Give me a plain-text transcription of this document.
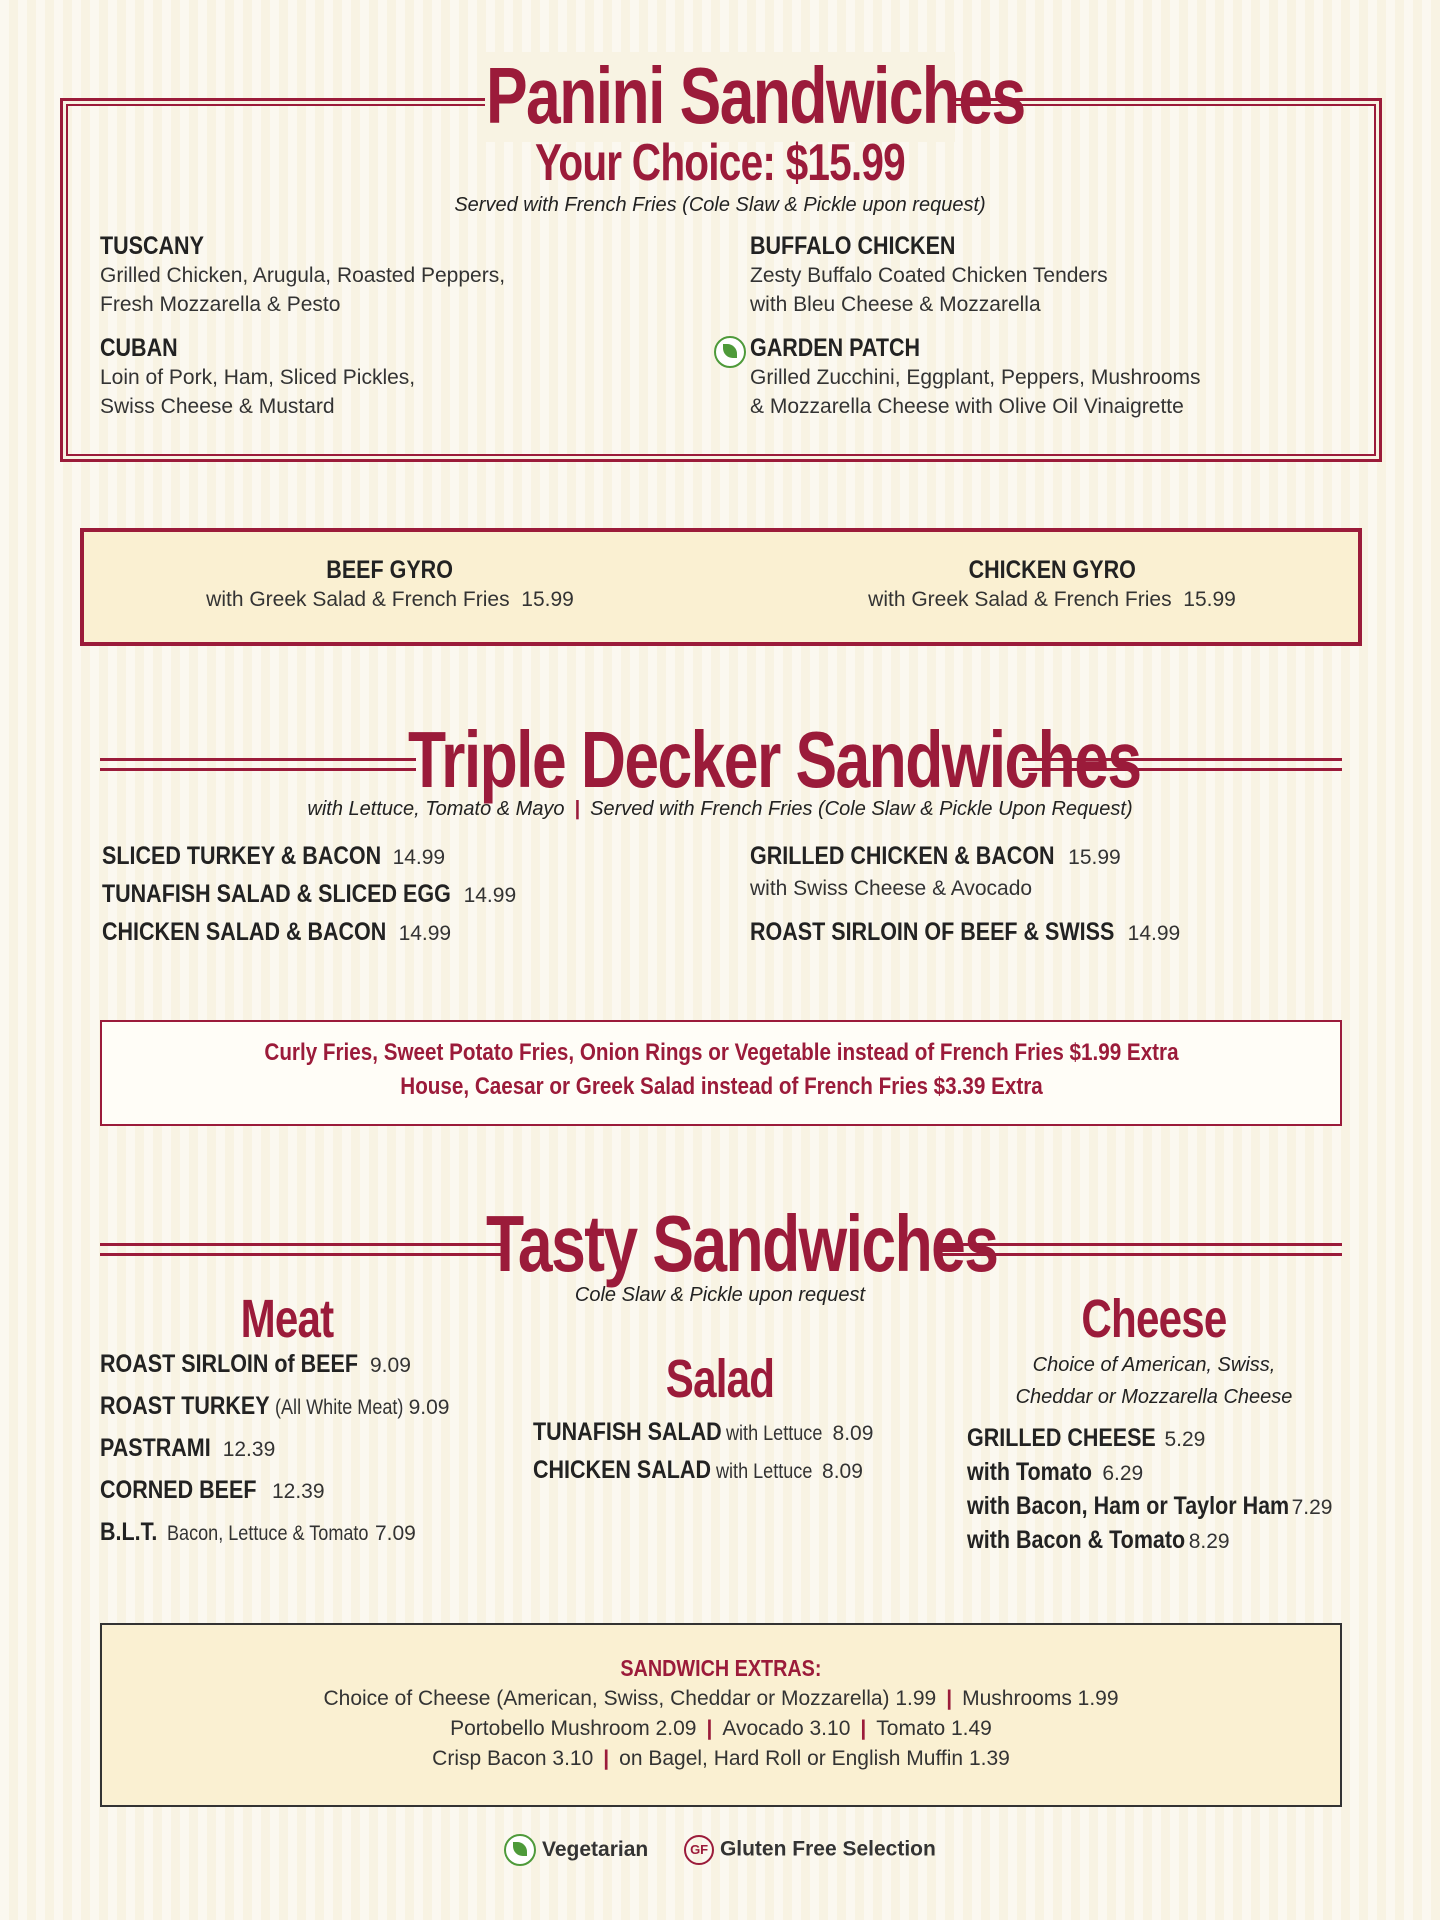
Panini Sandwiches
Your Choice: $15.99
Served with French Fries (Cole Slaw & Pickle upon request)
TUSCANY
Grilled Chicken, Arugula, Roasted Peppers,
Fresh Mozzarella & Pesto
CUBAN
Loin of Pork, Ham, Sliced Pickles,
Swiss Cheese & Mustard
BUFFALO CHICKEN
Zesty Buffalo Coated Chicken Tenders
with Bleu Cheese & Mozzarella
GARDEN PATCH
Grilled Zucchini, Eggplant, Peppers, Mushrooms
& Mozzarella Cheese with Olive Oil Vinaigrette
BEEF GYRO
with Greek Salad & French Fries 15.99
CHICKEN GYRO
with Greek Salad & French Fries 15.99
Triple Decker Sandwiches
with Lettuce, Tomato & Mayo | Served with French Fries (Cole Slaw & Pickle Upon Request)
SLICED TURKEY & BACON 14.99
TUNAFISH SALAD & SLICED EGG 14.99
CHICKEN SALAD & BACON 14.99
GRILLED CHICKEN & BACON 15.99
with Swiss Cheese & Avocado
ROAST SIRLOIN OF BEEF & SWISS 14.99
Curly Fries, Sweet Potato Fries, Onion Rings or Vegetable instead of French Fries $1.99 Extra
House, Caesar or Greek Salad instead of French Fries $3.39 Extra
Tasty Sandwiches
Cole Slaw & Pickle upon request
Meat
ROAST SIRLOIN of BEEF 9.09
ROAST TURKEY (All White Meat) 9.09
PASTRAMI 12.39
CORNED BEEF 12.39
B.L.T. Bacon, Lettuce & Tomato 7.09
Salad
TUNAFISH SALAD with Lettuce 8.09
CHICKEN SALAD with Lettuce 8.09
Cheese
Choice of American, Swiss,
Cheddar or Mozzarella Cheese
GRILLED CHEESE 5.29
with Tomato 6.29
with Bacon, Ham or Taylor Ham 7.29
with Bacon & Tomato 8.29
SANDWICH EXTRAS:
Choice of Cheese (American, Swiss, Cheddar or Mozzarella) 1.99 | Mushrooms 1.99
Portobello Mushroom 2.09 | Avocado 3.10 | Tomato 1.49
Crisp Bacon 3.10 | on Bagel, Hard Roll or English Muffin 1.39
Vegetarian	GF Gluten Free Selection
